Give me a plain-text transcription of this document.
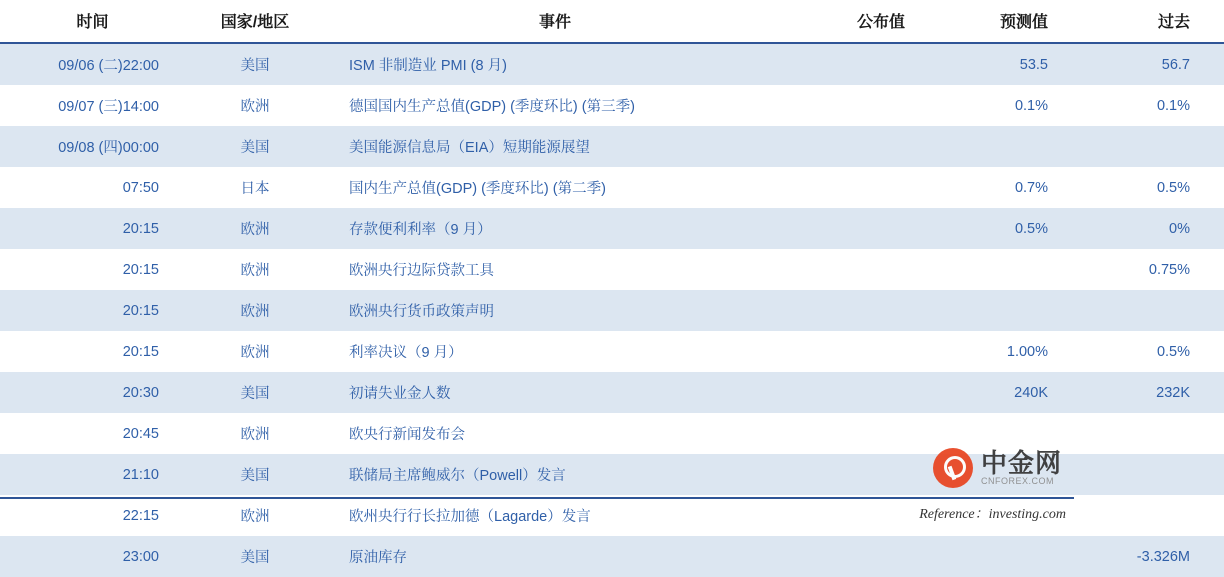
时间	国家/地区	事件	公布值	预测值	过去
09/06 (二)22:00	美国	ISM 非制造业 PMI (8 月)		53.5	56.7
09/07 (三)14:00	欧洲	德国国内生产总值(GDP) (季度环比) (第三季)		0.1%	0.1%
09/08 (四)00:00	美国	美国能源信息局（EIA）短期能源展望			
07:50	日本	国内生产总值(GDP) (季度环比) (第二季)		0.7%	0.5%
20:15	欧洲	存款便利利率（9 月）		0.5%	0%
20:15	欧洲	欧洲央行边际贷款工具			0.75%
20:15	欧洲	欧洲央行货币政策声明			
20:15	欧洲	利率决议（9 月）		1.00%	0.5%
20:30	美国	初请失业金人数		240K	232K
20:45	欧洲	欧央行新闻发布会			
21:10	美国	联储局主席鲍威尔（Powell）发言			
22:15	欧洲	欧州央行行长拉加德（Lagarde）发言			
23:00	美国	原油库存			-3.326M
中金网
CNFOREX.COM
Reference：investing.com
